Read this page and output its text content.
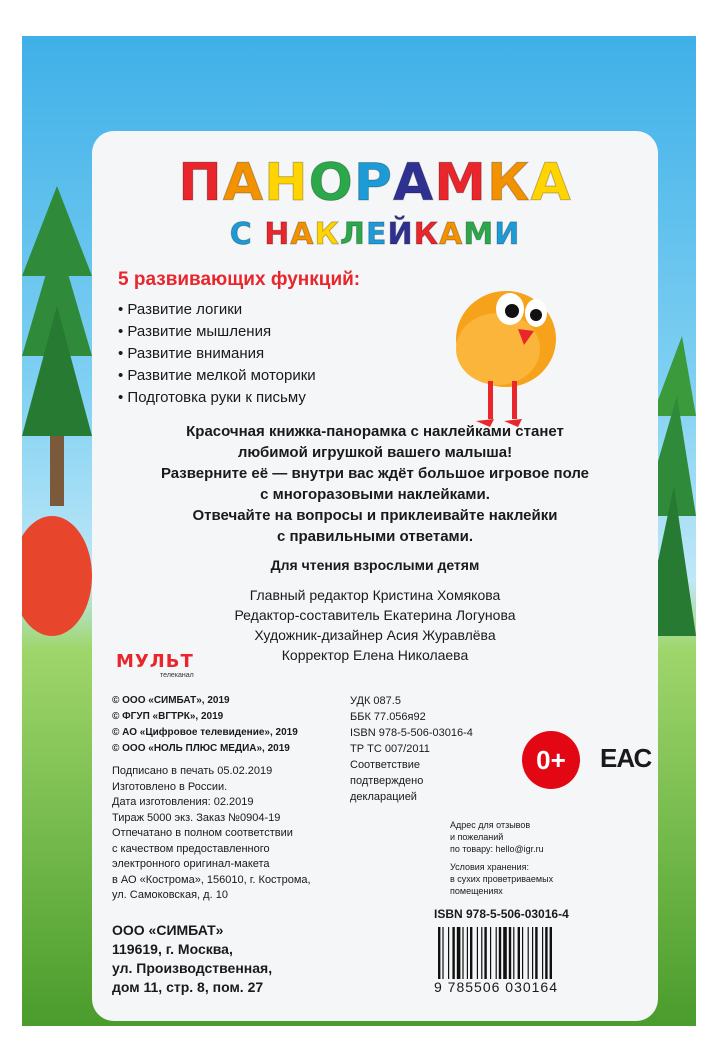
ПАНОРАМКА
С НАКЛЕЙКАМИ
5 развивающих функций:
• Развитие логики
• Развитие мышления
• Развитие внимания
• Развитие мелкой моторики
• Подготовка руки к письму
Красочная книжка-панорамка с наклейками станет
любимой игрушкой вашего малыша!
Разверните её — внутри вас ждёт большое игровое поле
с многоразовыми наклейками.
Отвечайте на вопросы и приклеивайте наклейки
с правильными ответами.
Для чтения взрослыми детям
Главный редактор Кристина Хомякова
Редактор-составитель Екатерина Логунова
Художник-дизайнер Асия Журавлёва
Корректор Елена Николаева
МУЛЬТ
телеканал
© ООО «СИМБАТ», 2019
© ФГУП «ВГТРК», 2019
© АО «Цифровое телевидение», 2019
© ООО «НОЛЬ ПЛЮС МЕДИА», 2019
УДК 087.5
ББК 77.056я92
ISBN 978-5-506-03016-4
ТР ТС 007/2011
Соответствие
подтверждено
декларацией
0+	ЕАС
Подписано в печать 05.02.2019
Изготовлено в России.
Дата изготовления: 02.2019
Тираж 5000 экз. Заказ №0904-19
Отпечатано в полном соответствии
с качеством предоставленного
электронного оригинал-макета
в АО «Кострома», 156010, г. Кострома,
ул. Самоковская, д. 10
Адрес для отзывов
и пожеланий
по товару: hello@igr.ru
Условия хранения:
в сухих проветриваемых
помещениях
ISBN 978-5-506-03016-4
9 785506 030164
ООО «СИМБАТ»
119619, г. Москва,
ул. Производственная,
дом 11, стр. 8, пом. 27
